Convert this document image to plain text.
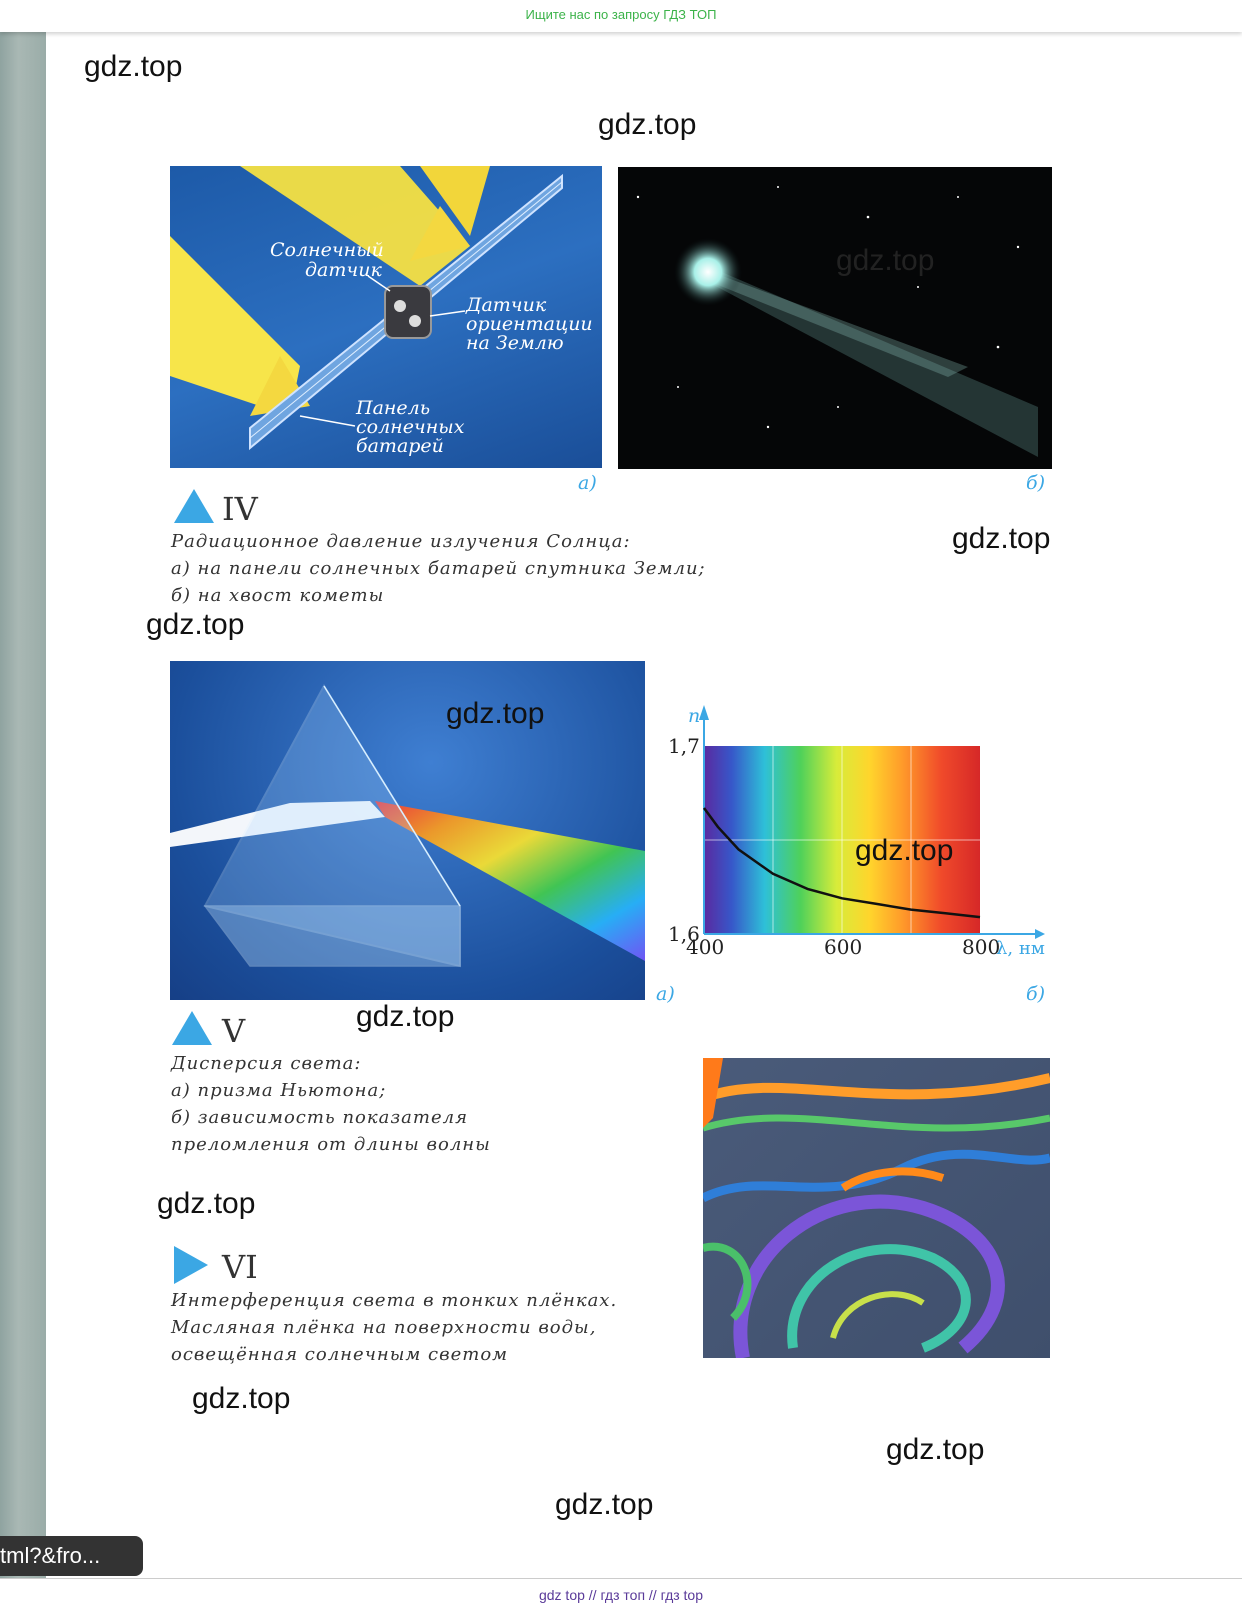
Ищите нас по запросу ГДЗ ТОП
gdz.top
gdz.top
gdz.top
gdz.top
gdz.top
gdz.top
gdz.top
gdz.top
gdz.top
gdz.top
gdz.top
gdz.top
Солнечный
датчик
Датчик
ориентации
на Землю
Панель
солнечных
батарей
а)	б)
IV
Радиационное давление излучения Солнца:
а) на панели солнечных батарей спутника Земли;
б) на хвост кометы
а)
400	600	800
1,6
1,7
n
λ, нм
б)
V
Дисперсия света:
а) призма Ньютона;
б) зависимость показателя
преломления от длины волны
VI
Интерференция света в тонких плёнках.
Масляная плёнка на поверхности воды,
освещённая солнечным светом
tml?&fro...
gdz top // гдз топ // гдз top
